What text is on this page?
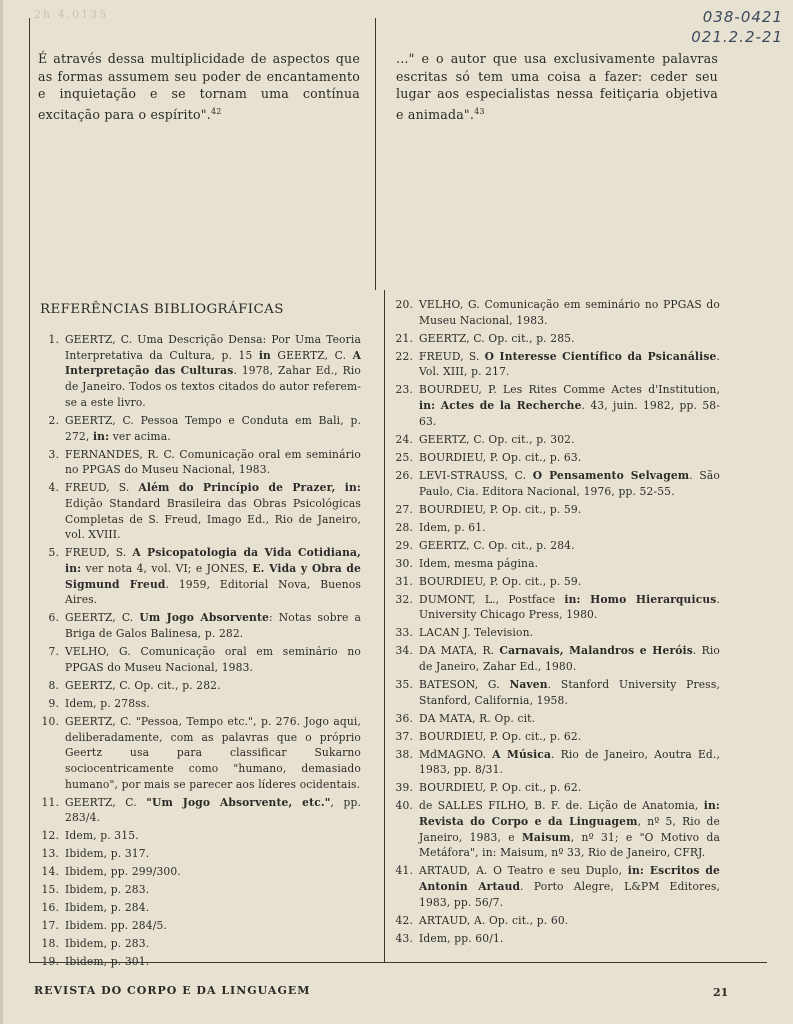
2h 4.0135	038-0421
021.2.2-21
É através dessa multiplicidade de aspectos que as formas assumem seu poder de encantamento e inquietação e se tornam uma contínua excitação para o espírito".$^{42}$
..." e o autor que usa exclusivamente palavras escritas só tem uma coisa a fazer: ceder seu lugar aos especialistas nessa feitiçaria objetiva e animada".$^{43}$
REFERÊNCIAS BIBLIOGRÁFICAS
1. GEERTZ, C. Uma Descrição Densa: Por Uma Teoria Interpretativa da Cultura, p. 15 in GEERTZ, C. A Interpretação das Culturas. 1978, Zahar Ed., Rio de Janeiro. Todos os textos citados do autor referem-se a este livro.
2. GEERTZ, C. Pessoa Tempo e Conduta em Bali, p. 272, in: ver acima.
3. FERNANDES, R. C. Comunicação oral em seminário no PPGAS do Museu Nacional, 1983.
4. FREUD, S. Além do Princípio de Prazer, in: Edição Standard Brasileira das Obras Psicológicas Completas de S. Freud, Imago Ed., Rio de Janeiro, vol. XVIII.
5. FREUD, S. A Psicopatologia da Vida Cotidiana, in: ver nota 4, vol. VI; e JONES, E. Vida y Obra de Sigmund Freud. 1959, Editorial Nova, Buenos Aires.
6. GEERTZ, C. Um Jogo Absorvente: Notas sobre a Briga de Galos Balinesa, p. 282.
7. VELHO, G. Comunicação oral em seminário no PPGAS do Museu Nacional, 1983.
8. GEERTZ, C. Op. cit., p. 282.
9. Idem, p. 278ss.
10. GEERTZ, C. "Pessoa, Tempo etc.", p. 276. Jogo aqui, deliberadamente, com as palavras que o próprio Geertz usa para classificar Sukarno sociocentricamente como "humano, demasiado humano", por mais se parecer aos líderes ocidentais.
11. GEERTZ, C. "Um Jogo Absorvente, etc.", pp. 283/4.
12. Idem, p. 315.
13. Ibidem, p. 317.
14. Ibidem, pp. 299/300.
15. Ibidem, p. 283.
16. Ibidem, p. 284.
17. Ibidem. pp. 284/5.
18. Ibidem, p. 283.
19. Ibidem, p. 301.
20. VELHO, G. Comunicação em seminário no PPGAS do Museu Nacional, 1983.
21. GEERTZ, C. Op. cit., p. 285.
22. FREUD, S. O Interesse Científico da Psicanálise. Vol. XIII, p. 217.
23. BOURDEU, P. Les Rites Comme Actes d'Institution, in: Actes de la Recherche. 43, juin. 1982, pp. 58-63.
24. GEERTZ, C. Op. cit., p. 302.
25. BOURDIEU, P. Op. cit., p. 63.
26. LEVI-STRAUSS, C. O Pensamento Selvagem. São Paulo, Cia. Editora Nacional, 1976, pp. 52-55.
27. BOURDIEU, P. Op. cit., p. 59.
28. Idem, p. 61.
29. GEERTZ, C. Op. cit., p. 284.
30. Idem, mesma página.
31. BOURDIEU, P. Op. cit., p. 59.
32. DUMONT, L., Postface in: Homo Hierarquicus. University Chicago Press, 1980.
33. LACAN J. Television.
34. DA MATA, R. Carnavais, Malandros e Heróis. Rio de Janeiro, Zahar Ed., 1980.
35. BATESON, G. Naven. Stanford University Press, Stanford, California, 1958.
36. DA MATA, R. Op. cit.
37. BOURDIEU, P. Op. cit., p. 62.
38. MdMAGNO. A Música. Rio de Janeiro, Aoutra Ed., 1983, pp. 8/31.
39. BOURDIEU, P. Op. cit., p. 62.
40. de SALLES FILHO, B. F. de. Lição de Anatomia, in: Revista do Corpo e da Linguagem, nº 5, Rio de Janeiro, 1983, e Maisum, nº 31; e "O Motivo da Metáfora", in: Maisum, nº 33, Rio de Janeiro, CFRJ.
41. ARTAUD, A. O Teatro e seu Duplo, in: Escritos de Antonin Artaud. Porto Alegre, L&PM Editores, 1983, pp. 56/7.
42. ARTAUD, A. Op. cit., p. 60.
43. Idem, pp. 60/1.
REVISTA DO CORPO E DA LINGUAGEM	21
